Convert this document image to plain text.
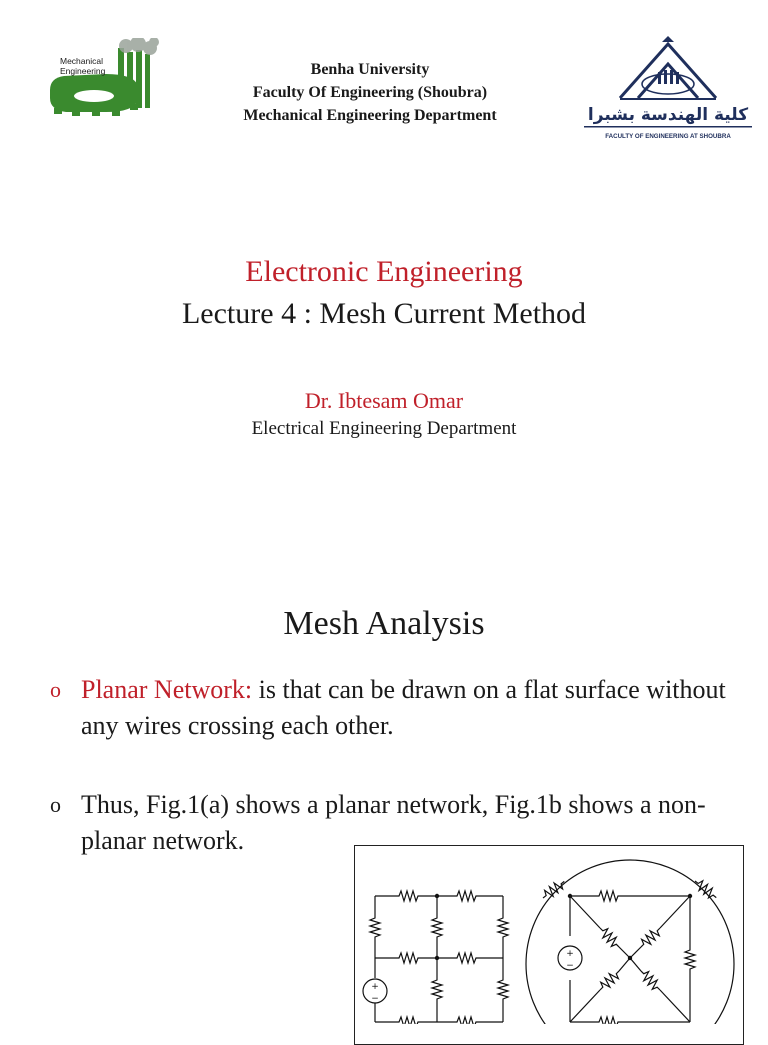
Mechanical
Engineering	Benha University
Faculty Of Engineering (Shoubra)
Mechanical Engineering Department	كلية الهندسة بشبرا
FACULTY OF ENGINEERING AT SHOUBRA
Electronic Engineering
Lecture 4 : Mesh Current Method
Dr. Ibtesam Omar
Electrical Engineering Department
Mesh Analysis
o Planar Network: is that can be drawn on a flat surface without any wires crossing each other.
o Thus, Fig.1(a) shows a planar network, Fig.1b shows a non-planar network.
+
−
+
−
